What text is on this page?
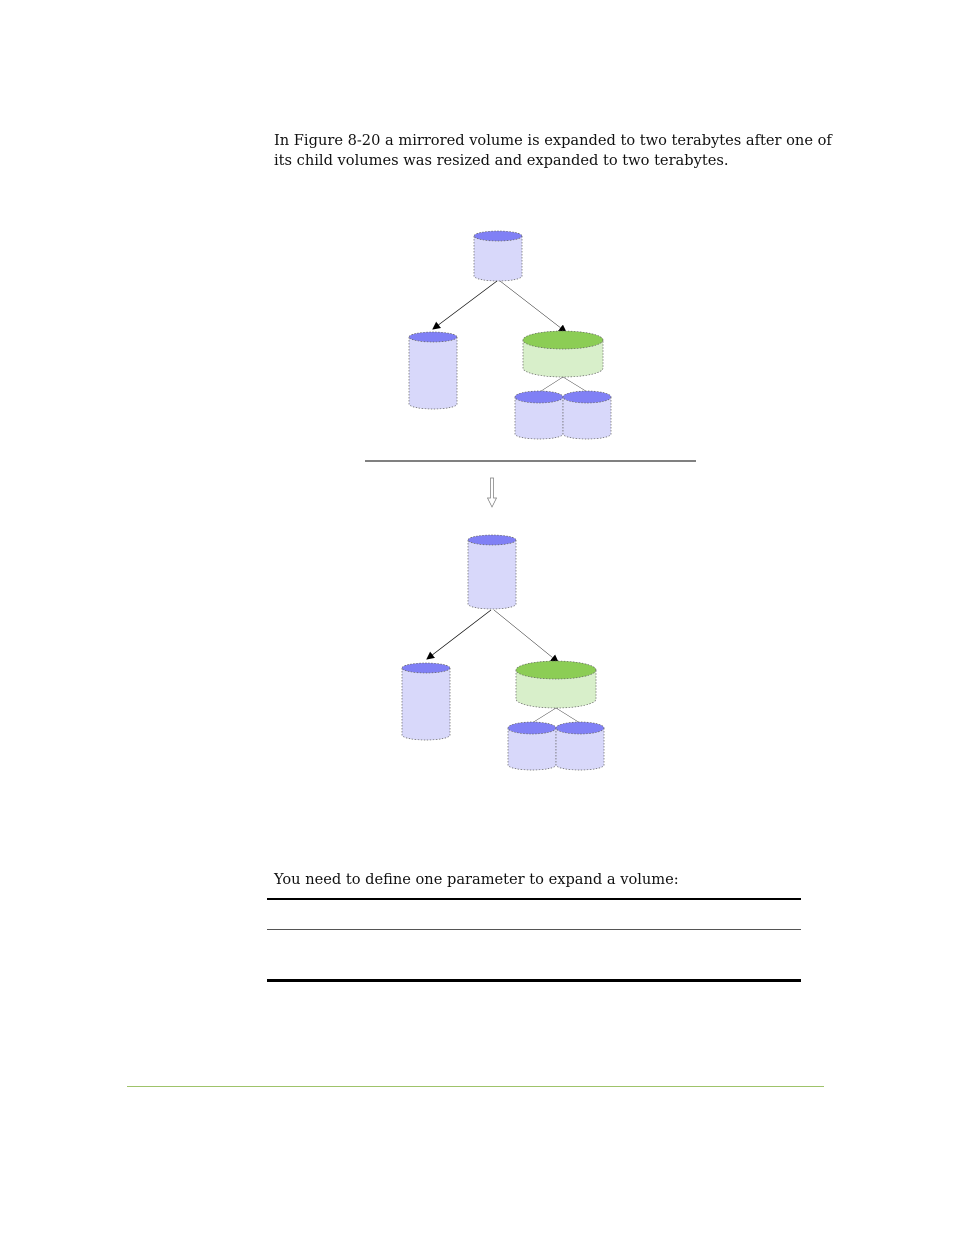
In Figure 8-20 a mirrored volume is expanded to two terabytes after one of its child volumes was resized and expanded to two terabytes.

You need to define one parameter to expand a volume:
